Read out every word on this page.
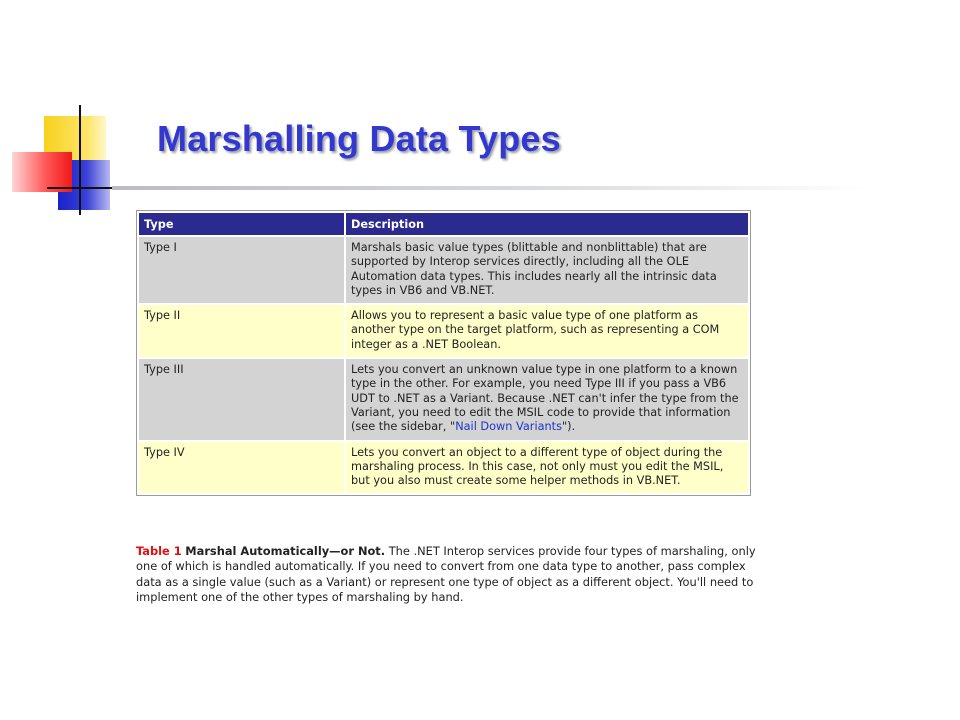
Marshalling Data Types
Type	Description
Type I	Marshals basic value types (blittable and nonblittable) that are supported by Interop services directly, including all the OLE Automation data types. This includes nearly all the intrinsic data types in VB6 and VB.NET.
Type II	Allows you to represent a basic value type of one platform as another type on the target platform, such as representing a COM integer as a .NET Boolean.
Type III	Lets you convert an unknown value type in one platform to a known type in the other. For example, you need Type III if you pass a VB6 UDT to .NET as a Variant. Because .NET can't infer the type from the Variant, you need to edit the MSIL code to provide that information (see the sidebar, "Nail Down Variants").
Type IV	Lets you convert an object to a different type of object during the marshaling process. In this case, not only must you edit the MSIL, but you also must create some helper methods in VB.NET.

Table 1 Marshal Automatically—or Not. The .NET Interop services provide four types of marshaling, only one of which is handled automatically. If you need to convert from one data type to another, pass complex data as a single value (such as a Variant) or represent one type of object as a different object. You'll need to implement one of the other types of marshaling by hand.
